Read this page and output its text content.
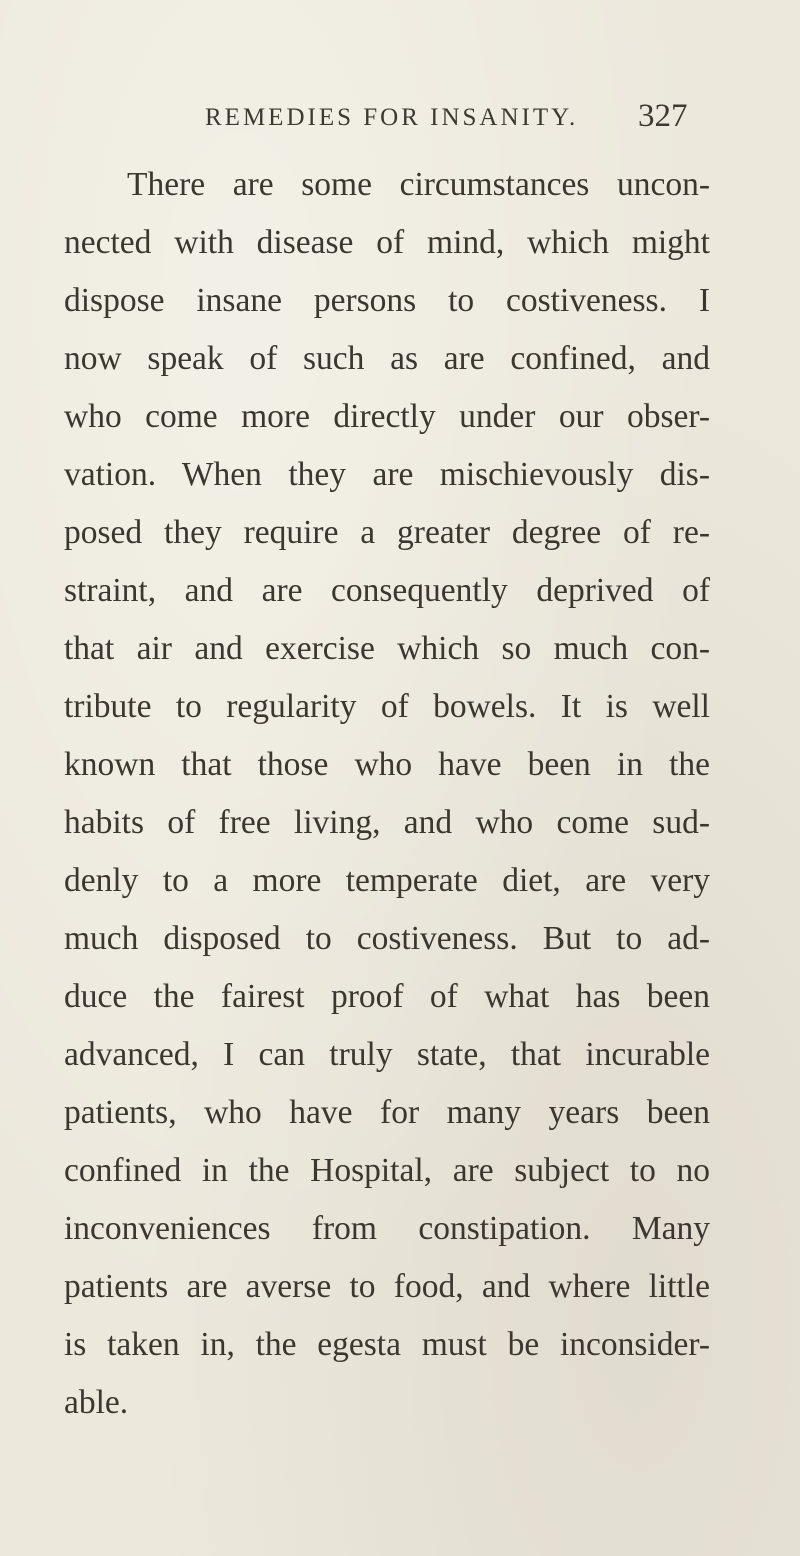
REMEDIES FOR INSANITY. 327
There are some circumstances uncon-
nected with disease of mind, which might
dispose insane persons to costiveness. I
now speak of such as are confined, and
who come more directly under our obser-
vation. When they are mischievously dis-
posed they require a greater degree of re-
straint, and are consequently deprived of
that air and exercise which so much con-
tribute to regularity of bowels. It is well
known that those who have been in the
habits of free living, and who come sud-
denly to a more temperate diet, are very
much disposed to costiveness. But to ad-
duce the fairest proof of what has been
advanced, I can truly state, that incurable
patients, who have for many years been
confined in the Hospital, are subject to no
inconveniences from constipation. Many
patients are averse to food, and where little
is taken in, the egesta must be inconsider-
able.
